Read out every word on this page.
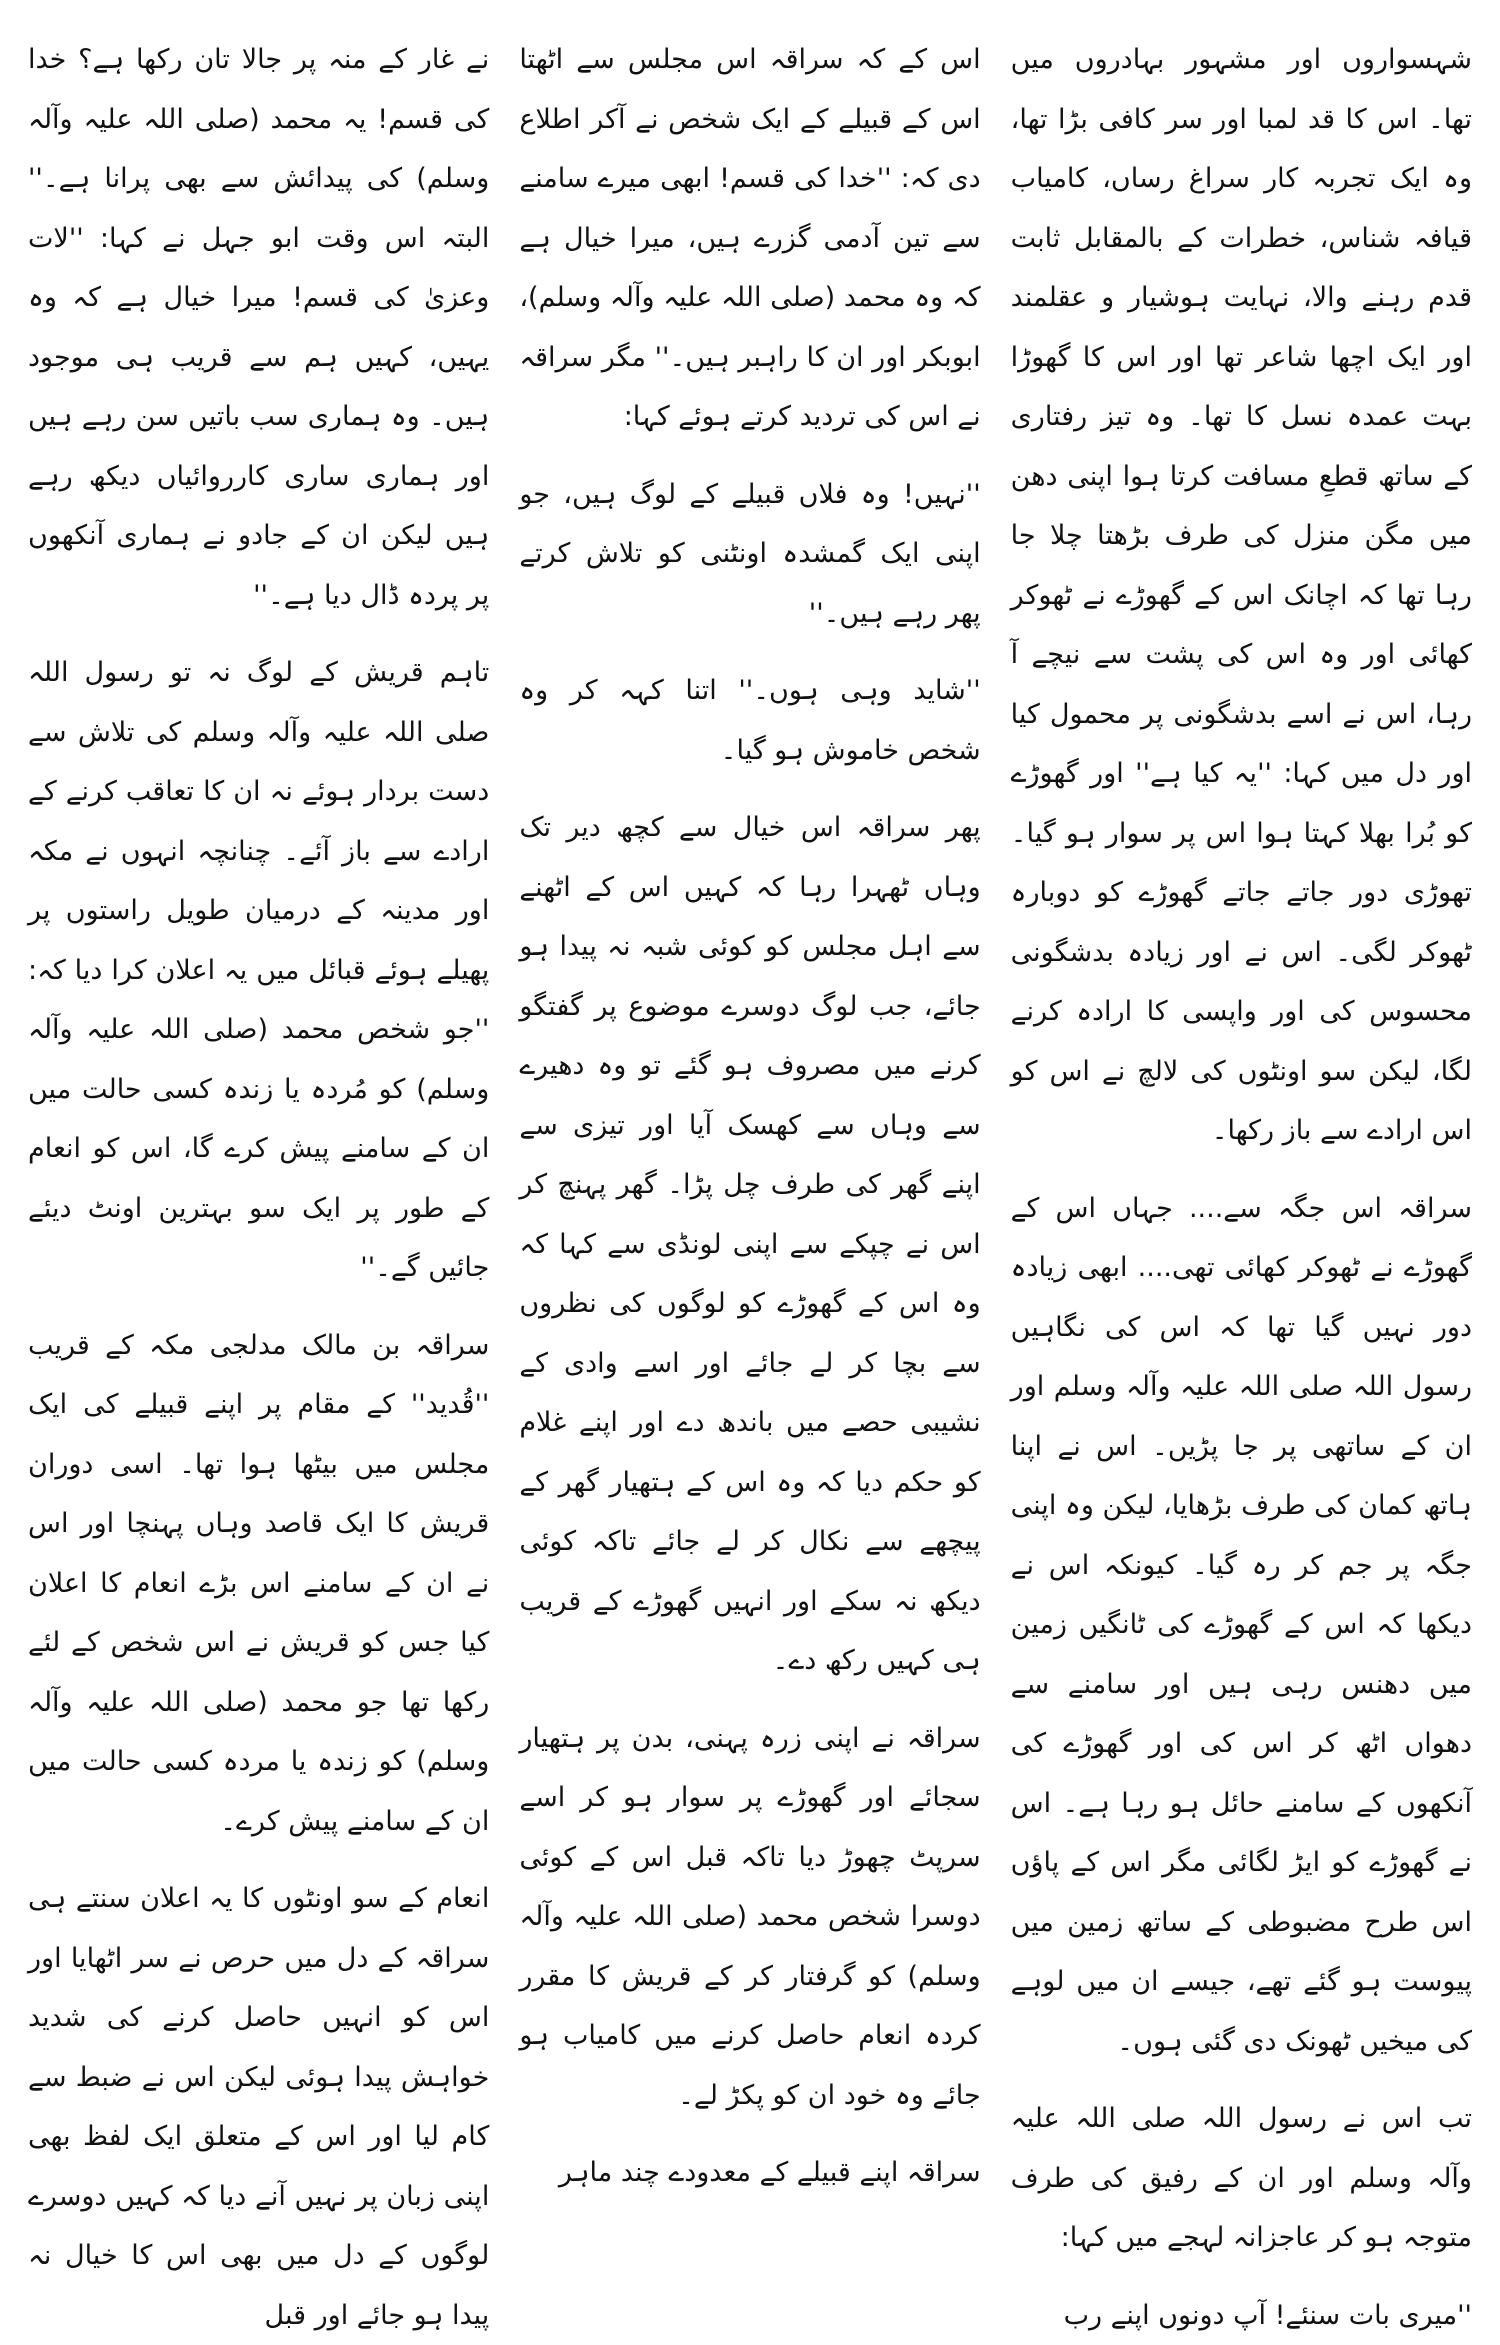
نے غار کے منہ پر جالا تان رکھا ہے؟ خدا کی قسم! یہ محمد (صلی اللہ علیہ وآلہ وسلم) کی پیدائش سے بھی پرانا ہے۔'' البتہ اس وقت ابو جہل نے کہا: ''لات وعزیٰ کی قسم! میرا خیال ہے کہ وہ یہیں، کہیں ہم سے قریب ہی موجود ہیں۔ وہ ہماری سب باتیں سن رہے ہیں اور ہماری ساری کارروائیاں دیکھ رہے ہیں لیکن ان کے جادو نے ہماری آنکھوں پر پردہ ڈال دیا ہے۔''

تاہم قریش کے لوگ نہ تو رسول اللہ صلی اللہ علیہ وآلہ وسلم کی تلاش سے دست بردار ہوئے نہ ان کا تعاقب کرنے کے ارادے سے باز آئے۔ چنانچہ انہوں نے مکہ اور مدینہ کے درمیان طویل راستوں پر پھیلے ہوئے قبائل میں یہ اعلان کرا دیا کہ: ''جو شخص محمد (صلی اللہ علیہ وآلہ وسلم) کو مُردہ یا زندہ کسی حالت میں ان کے سامنے پیش کرے گا، اس کو انعام کے طور پر ایک سو بہترین اونٹ دیئے جائیں گے۔''

سراقہ بن مالک مدلجی مکہ کے قریب ''قُدید'' کے مقام پر اپنے قبیلے کی ایک مجلس میں بیٹھا ہوا تھا۔ اسی دوران قریش کا ایک قاصد وہاں پہنچا اور اس نے ان کے سامنے اس بڑے انعام کا اعلان کیا جس کو قریش نے اس شخص کے لئے رکھا تھا جو محمد (صلی اللہ علیہ وآلہ وسلم) کو زندہ یا مردہ کسی حالت میں ان کے سامنے پیش کرے۔

انعام کے سو اونٹوں کا یہ اعلان سنتے ہی سراقہ کے دل میں حرص نے سر اٹھایا اور اس کو انہیں حاصل کرنے کی شدید خواہش پیدا ہوئی لیکن اس نے ضبط سے کام لیا اور اس کے متعلق ایک لفظ بھی اپنی زبان پر نہیں آنے دیا کہ کہیں دوسرے لوگوں کے دل میں بھی اس کا خیال نہ پیدا ہو جائے اور قبل

اس کے کہ سراقہ اس مجلس سے اٹھتا اس کے قبیلے کے ایک شخص نے آکر اطلاع دی کہ: ''خدا کی قسم! ابھی میرے سامنے سے تین آدمی گزرے ہیں، میرا خیال ہے کہ وہ محمد (صلی اللہ علیہ وآلہ وسلم)، ابوبکر اور ان کا راہبر ہیں۔'' مگر سراقہ نے اس کی تردید کرتے ہوئے کہا:

''نہیں! وہ فلاں قبیلے کے لوگ ہیں، جو اپنی ایک گمشدہ اونٹنی کو تلاش کرتے پھر رہے ہیں۔''

''شاید وہی ہوں۔'' اتنا کہہ کر وہ شخص خاموش ہو گیا۔

پھر سراقہ اس خیال سے کچھ دیر تک وہاں ٹھہرا رہا کہ کہیں اس کے اٹھنے سے اہل مجلس کو کوئی شبہ نہ پیدا ہو جائے، جب لوگ دوسرے موضوع پر گفتگو کرنے میں مصروف ہو گئے تو وہ دھیرے سے وہاں سے کھسک آیا اور تیزی سے اپنے گھر کی طرف چل پڑا۔ گھر پہنچ کر اس نے چپکے سے اپنی لونڈی سے کہا کہ وہ اس کے گھوڑے کو لوگوں کی نظروں سے بچا کر لے جائے اور اسے وادی کے نشیبی حصے میں باندھ دے اور اپنے غلام کو حکم دیا کہ وہ اس کے ہتھیار گھر کے پیچھے سے نکال کر لے جائے تاکہ کوئی دیکھ نہ سکے اور انہیں گھوڑے کے قریب ہی کہیں رکھ دے۔

سراقہ نے اپنی زرہ پہنی، بدن پر ہتھیار سجائے اور گھوڑے پر سوار ہو کر اسے سرپٹ چھوڑ دیا تاکہ قبل اس کے کوئی دوسرا شخص محمد (صلی اللہ علیہ وآلہ وسلم) کو گرفتار کر کے قریش کا مقرر کردہ انعام حاصل کرنے میں کامیاب ہو جائے وہ خود ان کو پکڑ لے۔

سراقہ اپنے قبیلے کے معدودے چند ماہر

شہسواروں اور مشہور بہادروں میں تھا۔ اس کا قد لمبا اور سر کافی بڑا تھا، وہ ایک تجربہ کار سراغ رساں، کامیاب قیافہ شناس، خطرات کے بالمقابل ثابت قدم رہنے والا، نہایت ہوشیار و عقلمند اور ایک اچھا شاعر تھا اور اس کا گھوڑا بہت عمدہ نسل کا تھا۔ وہ تیز رفتاری کے ساتھ قطعِ مسافت کرتا ہوا اپنی دھن میں مگن منزل کی طرف بڑھتا چلا جا رہا تھا کہ اچانک اس کے گھوڑے نے ٹھوکر کھائی اور وہ اس کی پشت سے نیچے آ رہا، اس نے اسے بدشگونی پر محمول کیا اور دل میں کہا: ''یہ کیا ہے'' اور گھوڑے کو بُرا بھلا کہتا ہوا اس پر سوار ہو گیا۔ تھوڑی دور جاتے جاتے گھوڑے کو دوبارہ ٹھوکر لگی۔ اس نے اور زیادہ بدشگونی محسوس کی اور واپسی کا ارادہ کرنے لگا، لیکن سو اونٹوں کی لالچ نے اس کو اس ارادے سے باز رکھا۔

سراقہ اس جگہ سے.... جہاں اس کے گھوڑے نے ٹھوکر کھائی تھی.... ابھی زیادہ دور نہیں گیا تھا کہ اس کی نگاہیں رسول اللہ صلی اللہ علیہ وآلہ وسلم اور ان کے ساتھی پر جا پڑیں۔ اس نے اپنا ہاتھ کمان کی طرف بڑھایا، لیکن وہ اپنی جگہ پر جم کر رہ گیا۔ کیونکہ اس نے دیکھا کہ اس کے گھوڑے کی ٹانگیں زمین میں دھنس رہی ہیں اور سامنے سے دھواں اٹھ کر اس کی اور گھوڑے کی آنکھوں کے سامنے حائل ہو رہا ہے۔ اس نے گھوڑے کو ایڑ لگائی مگر اس کے پاؤں اس طرح مضبوطی کے ساتھ زمین میں پیوست ہو گئے تھے، جیسے ان میں لوہے کی میخیں ٹھونک دی گئی ہوں۔

تب اس نے رسول اللہ صلی اللہ علیہ وآلہ وسلم اور ان کے رفیق کی طرف متوجہ ہو کر عاجزانہ لہجے میں کہا:

''میری بات سنئے! آپ دونوں اپنے رب
